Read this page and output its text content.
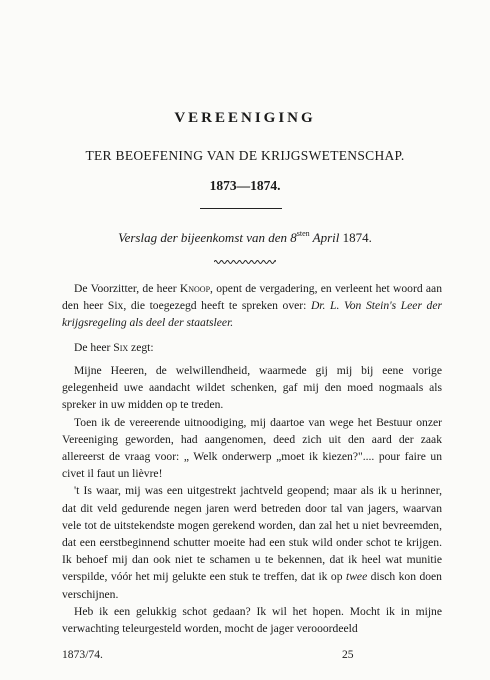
VEREENIGING
TER BEOEFENING VAN DE KRIJGSWETENSCHAP.
1873—1874.
Verslag der bijeenkomst van den $8^{sten}$ April 1874.

De Voorzitter, de heer Knoop, opent de vergadering, en verleent het woord aan den heer Six, die toegezegd heeft te spreken over: Dr. L. Von Stein's Leer der krijgsregeling als deel der staatsleer.

De heer Six zegt:

Mijne Heeren, de welwillendheid, waarmede gij mij bij eene vorige gelegenheid uwe aandacht wildet schenken, gaf mij den moed nogmaals als spreker in uw midden op te treden.

Toen ik de vereerende uitnoodiging, mij daartoe van wege het Bestuur onzer Vereeniging geworden, had aangenomen, deed zich uit den aard der zaak allereerst de vraag voor: „ Welk onderwerp „moet ik kiezen?".... pour faire un civet il faut un lièvre!

't Is waar, mij was een uitgestrekt jachtveld geopend; maar als ik u herinner, dat dit veld gedurende negen jaren werd betreden door tal van jagers, waarvan vele tot de uitstekendste mogen gerekend worden, dan zal het u niet bevreemden, dat een eerstbeginnend schutter moeite had een stuk wild onder schot te krijgen. Ik behoef mij dan ook niet te schamen u te bekennen, dat ik heel wat munitie verspilde, vóór het mij gelukte een stuk te treffen, dat ik op twee disch kon doen verschijnen.

Heb ik een gelukkig schot gedaan? Ik wil het hopen. Mocht ik in mijne verwachting teleurgesteld worden, mocht de jager verooordeeld

1873/74.	25
